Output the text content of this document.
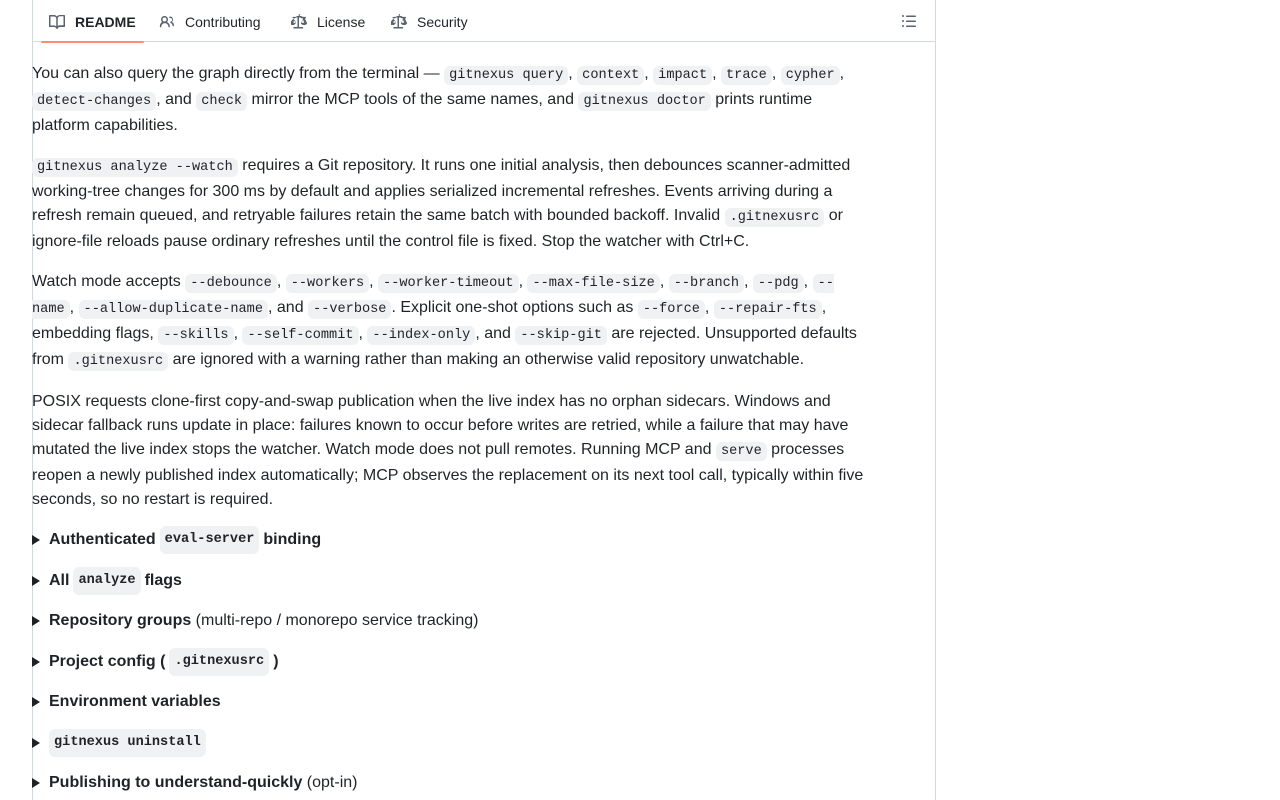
README	Contributing	License	Security

You can also query the graph directly from the terminal — gitnexus query , context , impact , trace , cypher , detect-changes , and check mirror the MCP tools of the same names, and gitnexus doctor prints runtime platform capabilities.

gitnexus analyze --watch requires a Git repository. It runs one initial analysis, then debounces scanner-admitted working-tree changes for 300 ms by default and applies serialized incremental refreshes. Events arriving during a refresh remain queued, and retryable failures retain the same batch with bounded backoff. Invalid .gitnexusrc or ignore-file reloads pause ordinary refreshes until the control file is fixed. Stop the watcher with Ctrl+C.

Watch mode accepts --debounce , --workers , --worker-timeout , --max-file-size , --branch , --pdg , --name , --allow-duplicate-name , and --verbose . Explicit one-shot options such as --force , --repair-fts , embedding flags, --skills , --self-commit , --index-only , and --skip-git are rejected. Unsupported defaults from .gitnexusrc are ignored with a warning rather than making an otherwise valid repository unwatchable.

POSIX requests clone-first copy-and-swap publication when the live index has no orphan sidecars. Windows and sidecar fallback runs update in place: failures known to occur before writes are retried, while a failure that may have mutated the live index stops the watcher. Watch mode does not pull remotes. Running MCP and serve processes reopen a newly published index automatically; MCP observes the replacement on its next tool call, typically within five seconds, so no restart is required.

Authenticated eval-server binding
All analyze flags
Repository groups (multi-repo / monorepo service tracking)
Project config ( .gitnexusrc )
Environment variables
gitnexus uninstall
Publishing to understand-quickly (opt-in)
